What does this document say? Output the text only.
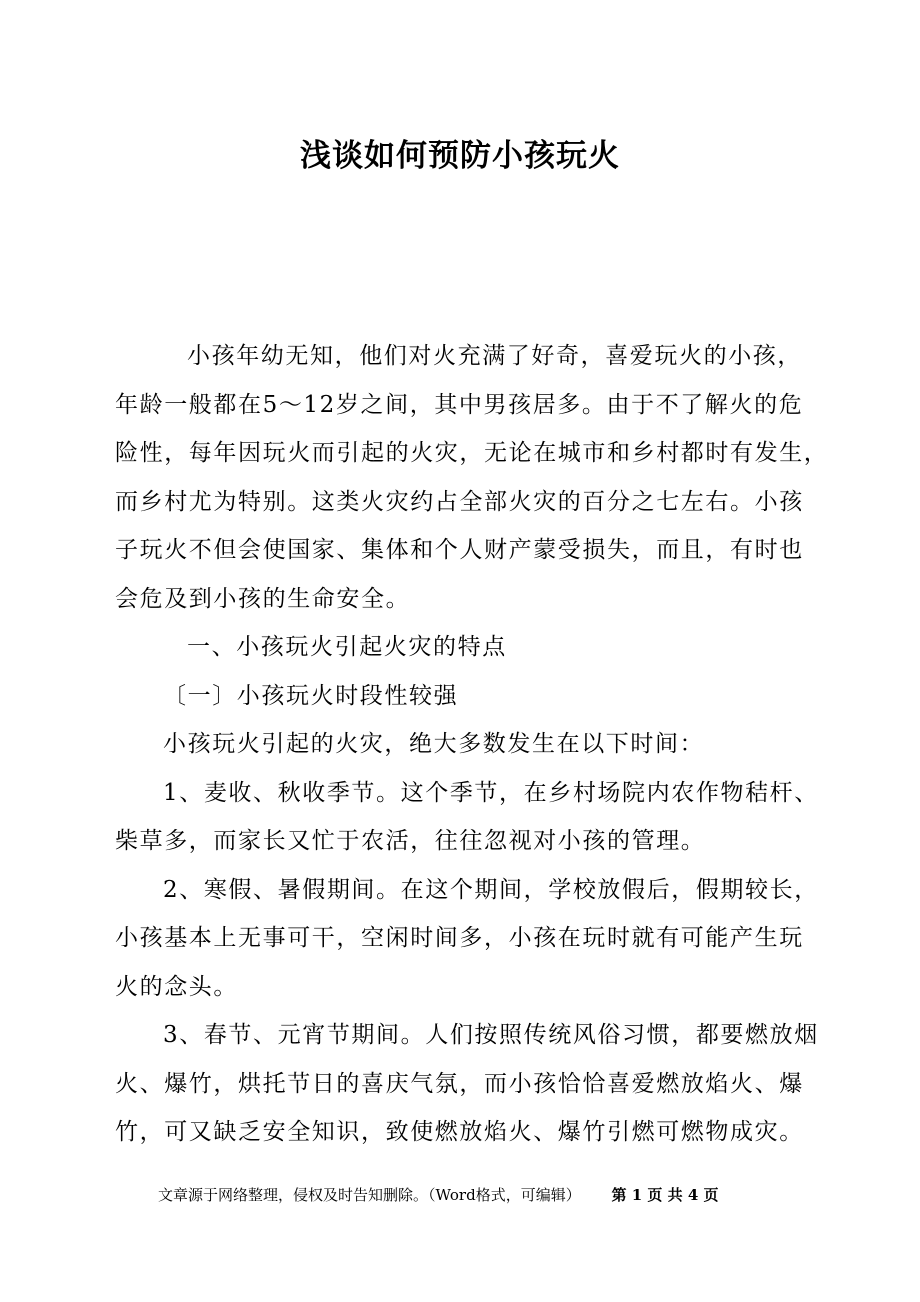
浅谈如何预防小孩玩火

小孩年幼无知，他们对火充满了好奇，喜爱玩火的小孩，
年龄一般都在5～12岁之间，其中男孩居多。由于不了解火的危
险性，每年因玩火而引起的火灾，无论在城市和乡村都时有发生，
而乡村尤为特别。这类火灾约占全部火灾的百分之七左右。小孩
子玩火不但会使国家、集体和个人财产蒙受损失，而且，有时也
会危及到小孩的生命安全。

一、小孩玩火引起火灾的特点

〔一〕小孩玩火时段性较强

小孩玩火引起的火灾，绝大多数发生在以下时间：

1、麦收、秋收季节。这个季节，在乡村场院内农作物秸杆、
柴草多，而家长又忙于农活，往往忽视对小孩的管理。

2、寒假、暑假期间。在这个期间，学校放假后，假期较长，
小孩基本上无事可干，空闲时间多，小孩在玩时就有可能产生玩
火的念头。

3、春节、元宵节期间。人们按照传统风俗习惯，都要燃放烟
火、爆竹，烘托节日的喜庆气氛，而小孩恰恰喜爱燃放焰火、爆
竹，可又缺乏安全知识，致使燃放焰火、爆竹引燃可燃物成灾。

文章源于网络整理，侵权及时告知删除。（Word格式，可编辑） 第 1 页 共 4 页
